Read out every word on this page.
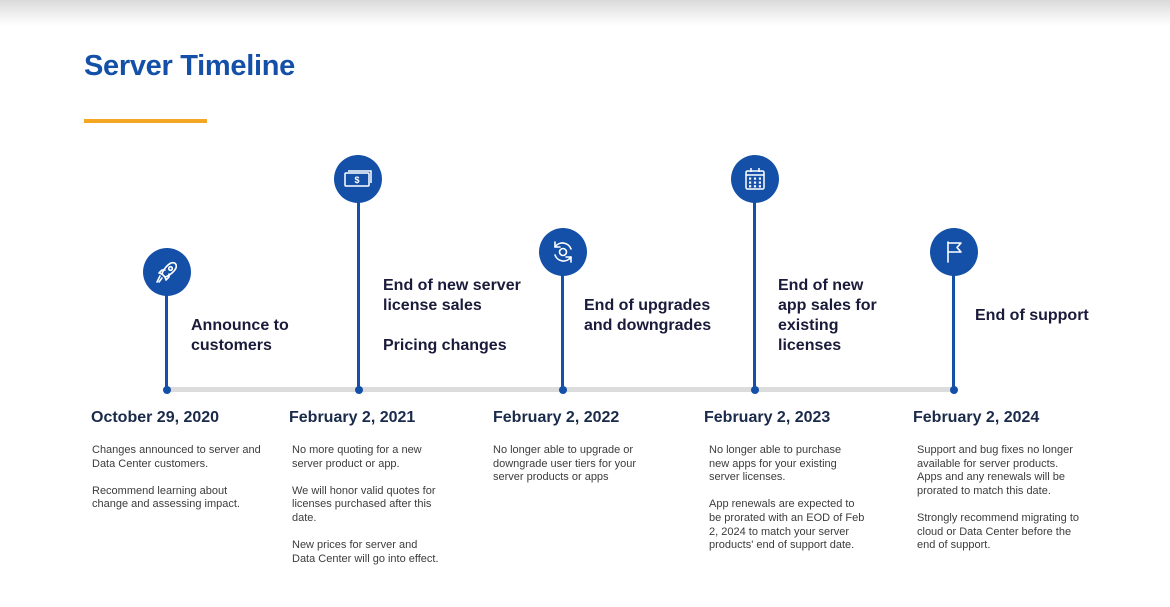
Server Timeline
Announce to
customers

October 29, 2020

Changes announced to server and
Data Center customers.
Recommend learning about
change and assessing impact.

$
End of new server
license sales
Pricing changes

February 2, 2021

No more quoting for a new
server product or app.
We will honor valid quotes for
licenses purchased after this
date.
New prices for server and
Data Center will go into effect.

End of upgrades
and downgrades

February 2, 2022

No longer able to upgrade or
downgrade user tiers for your
server products or apps

End of new
app sales for
existing
licenses

February 2, 2023

No longer able to purchase
new apps for your existing
server licenses.
App renewals are expected to
be prorated with an EOD of Feb
2, 2024 to match your server
products' end of support date.

End of support

February 2, 2024

Support and bug fixes no longer
available for server products.
Apps and any renewals will be
prorated to match this date.
Strongly recommend migrating to
cloud or Data Center before the
end of support.
